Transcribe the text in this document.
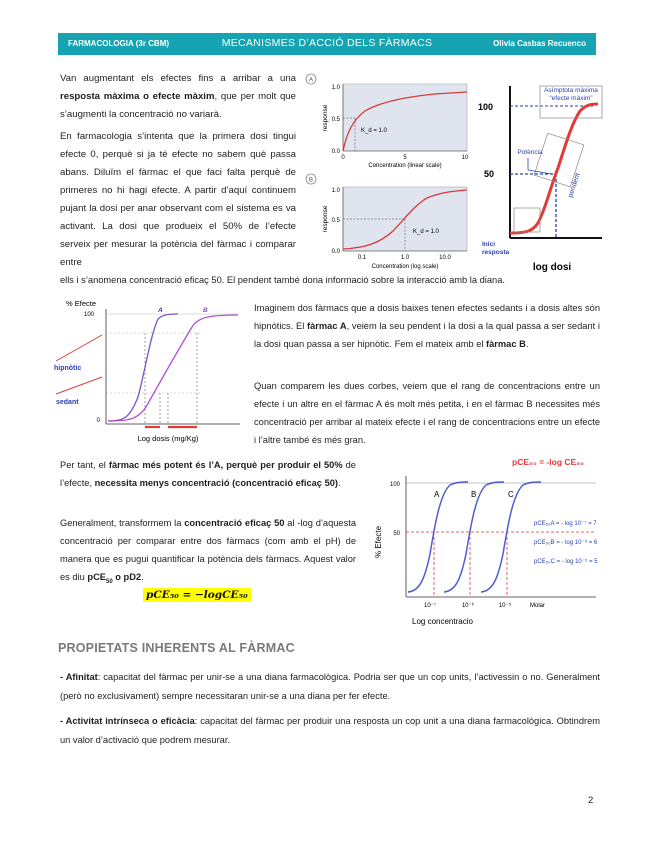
FARMACOLOGIA (3r CBM)	MECANISMES D’ACCIÓ DELS FÀRMACS	Olivia Casbas Recuenco

Van augmentant els efectes fins a arribar a una resposta màxima o efecte màxim, que per molt que s’augmenti la concentració no variarà.

En farmacologia s’intenta que la primera dosi tingui efecte 0, perquè si ja té efecte no sabem què passa abans. Diluïm el fàrmac el que faci falta perquè de primeres no hi hagi efecte. A partir d’aquí continuem pujant la dosi per anar observant com el sistema es va activant. La dosi que produeix el 50% de l’efecte serveix per mesurar la potència del fàrmac i comparar entre

ells i s’anomena concentració eficaç 50. El pendent també dona informació sobre la interacció amb la diana.

A
1.0
0.5
0.0
0	5	10
Concentration (linear scale)
response	K_d = 1.0
B
1.0
0.5
0.0
0.1	1.0	10.0
Concentration (log scale)
response	K_d = 1.0
100
50
Asímptota màxima
“efecte màxim”
Potència
pendent
Inici
resposta
log dosi
% Efecte
100
0
A	B
hipnòtic
sedant
Log dosis (mg/Kg)

Imaginem dos fàrmacs que a dosis baixes tenen efectes sedants i a dosis altes són hipnòtics. El fàrmac A, veiem la seu pendent i la dosi a la qual passa a ser sedant i la dosi quan passa a ser hipnòtic. Fem el mateix amb el fàrmac B.

Quan comparem les dues corbes, veiem que el rang de concentracions entre un efecte i un altre en el fàrmac A és molt més petita, i en el fàrmac B necessites més concentració per arribar al mateix efecte i el rang de concentracions entre un efecte i l’altre també és més gran.

Per tant, el fàrmac més potent és l’A, perquè per produir el 50% de l’efecte, necessita menys concentració (concentració eficaç 50).

Generalment, transformem la concentració eficaç 50 al -log d’aquesta concentració per comparar entre dos fàrmacs (com amb el pH) de manera que es pugui quantificar la potència dels fàrmacs. Aquest valor es diu pCE$_{50}$ o pD2.

pCE₅₀ = −logCE₅₀
pCE₅₀ = -log CE₅₀
% Efecte
100
50
A	B	C
pCE₅₀A = - log 10⁻⁷ = 7
pCE₅₀B = - log 10⁻⁶ = 6
pCE₅₀C = - log 10⁻⁵ = 5
10⁻⁷	10⁻⁶	10⁻⁵	Molar
Log concentracio
PROPIETATS INHERENTS AL FÀRMAC

- Afinitat: capacitat del fàrmac per unir-se a una diana farmacològica. Podria ser que un cop units, l’activessin o no. Generalment (però no exclusivament) sempre necessitaran unir-se a una diana per fer efecte.

- Activitat intrínseca o eficàcia: capacitat del fàrmac per produir una resposta un cop unit a una diana farmacològica. Obtindrem un valor d’activació que podrem mesurar.

2
